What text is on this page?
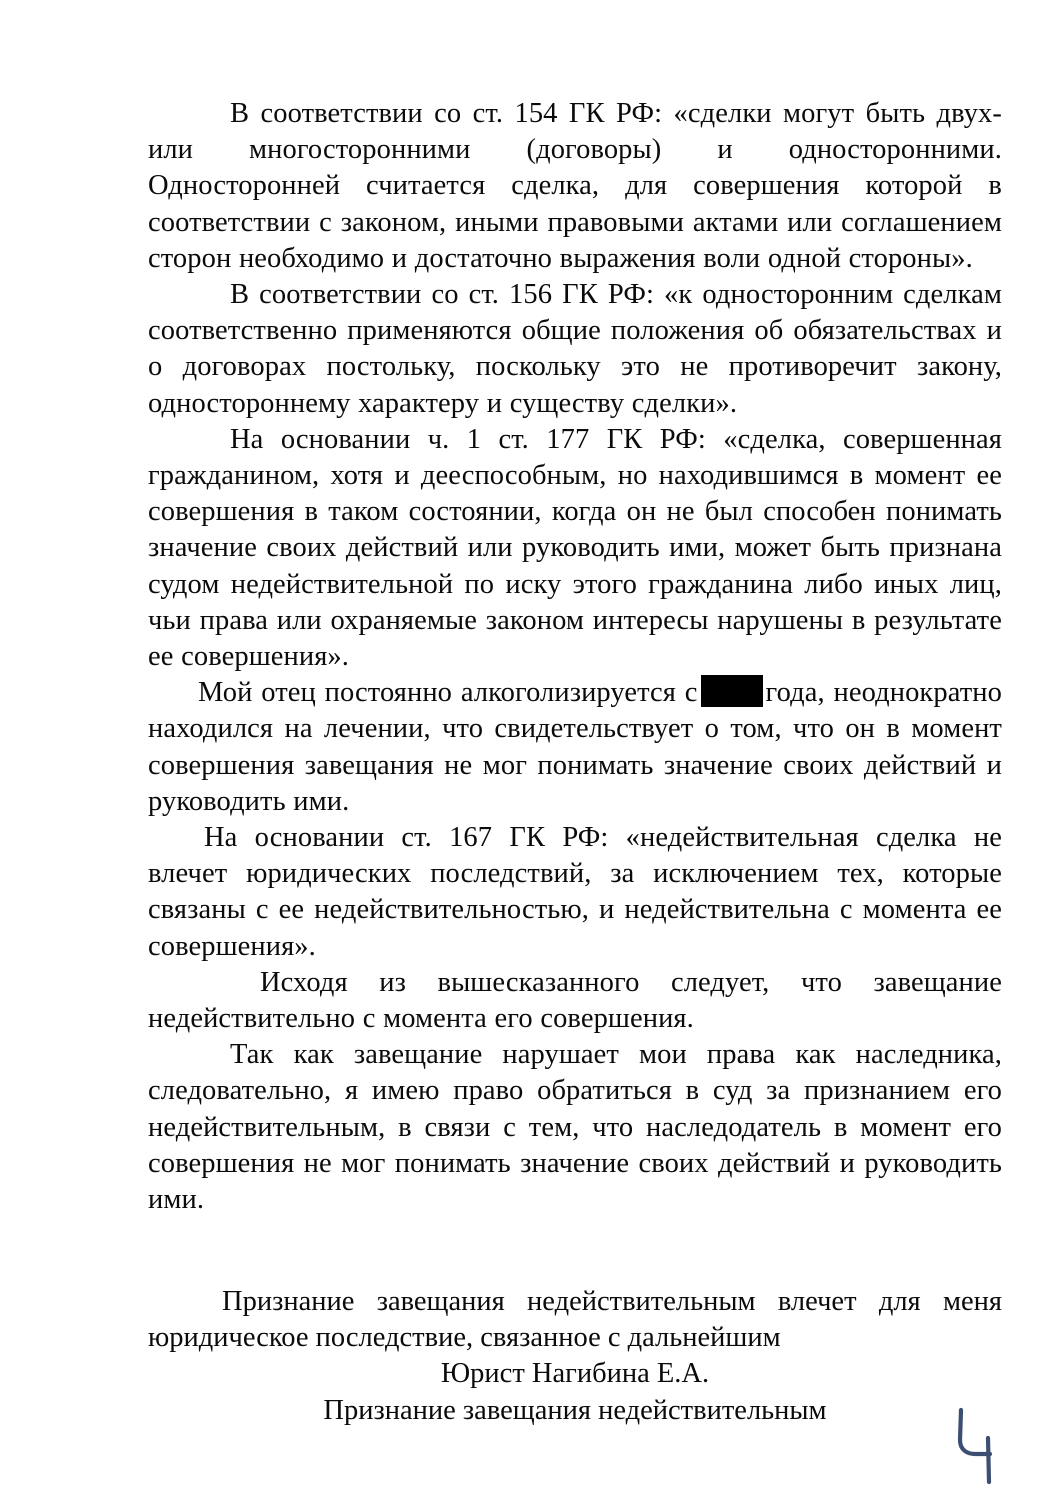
В соответствии со ст. 154 ГК РФ: «сделки могут быть двух- или многосторонними (договоры) и односторонними. Односторонней считается сделка, для совершения которой в соответствии с законом, иными правовыми актами или соглашением сторон необходимо и достаточно выражения воли одной стороны».

В соответствии со ст. 156 ГК РФ: «к односторонним сделкам соответственно применяются общие положения об обязательствах и о договорах постольку, поскольку это не противоречит закону, одностороннему характеру и существу сделки».

На основании ч. 1 ст. 177 ГК РФ: «сделка, совершенная гражданином, хотя и дееспособным, но находившимся в момент ее совершения в таком состоянии, когда он не был способен понимать значение своих действий или руководить ими, может быть признана судом недействительной по иску этого гражданина либо иных лиц, чьи права или охраняемые законом интересы нарушены в результате ее совершения».

Мой отец постоянно алкоголизируется с года, неоднократно находился на лечении, что свидетельствует о том, что он в момент совершения завещания не мог понимать значение своих действий и руководить ими.

На основании ст. 167 ГК РФ: «недействительная сделка не влечет юридических последствий, за исключением тех, которые связаны с ее недействительностью, и недействительна с момента ее совершения».

Исходя из вышесказанного следует, что завещание недействительно с момента его совершения.

Так как завещание нарушает мои права как наследника, следовательно, я имею право обратиться в суд за признанием его недействительным, в связи с тем, что наследодатель в момент его совершения не мог понимать значение своих действий и руководить ими.

Признание завещания недействительным влечет для меня юридическое последствие, связанное с дальнейшим

Юрист Нагибина Е.А.

Признание завещания недействительным
